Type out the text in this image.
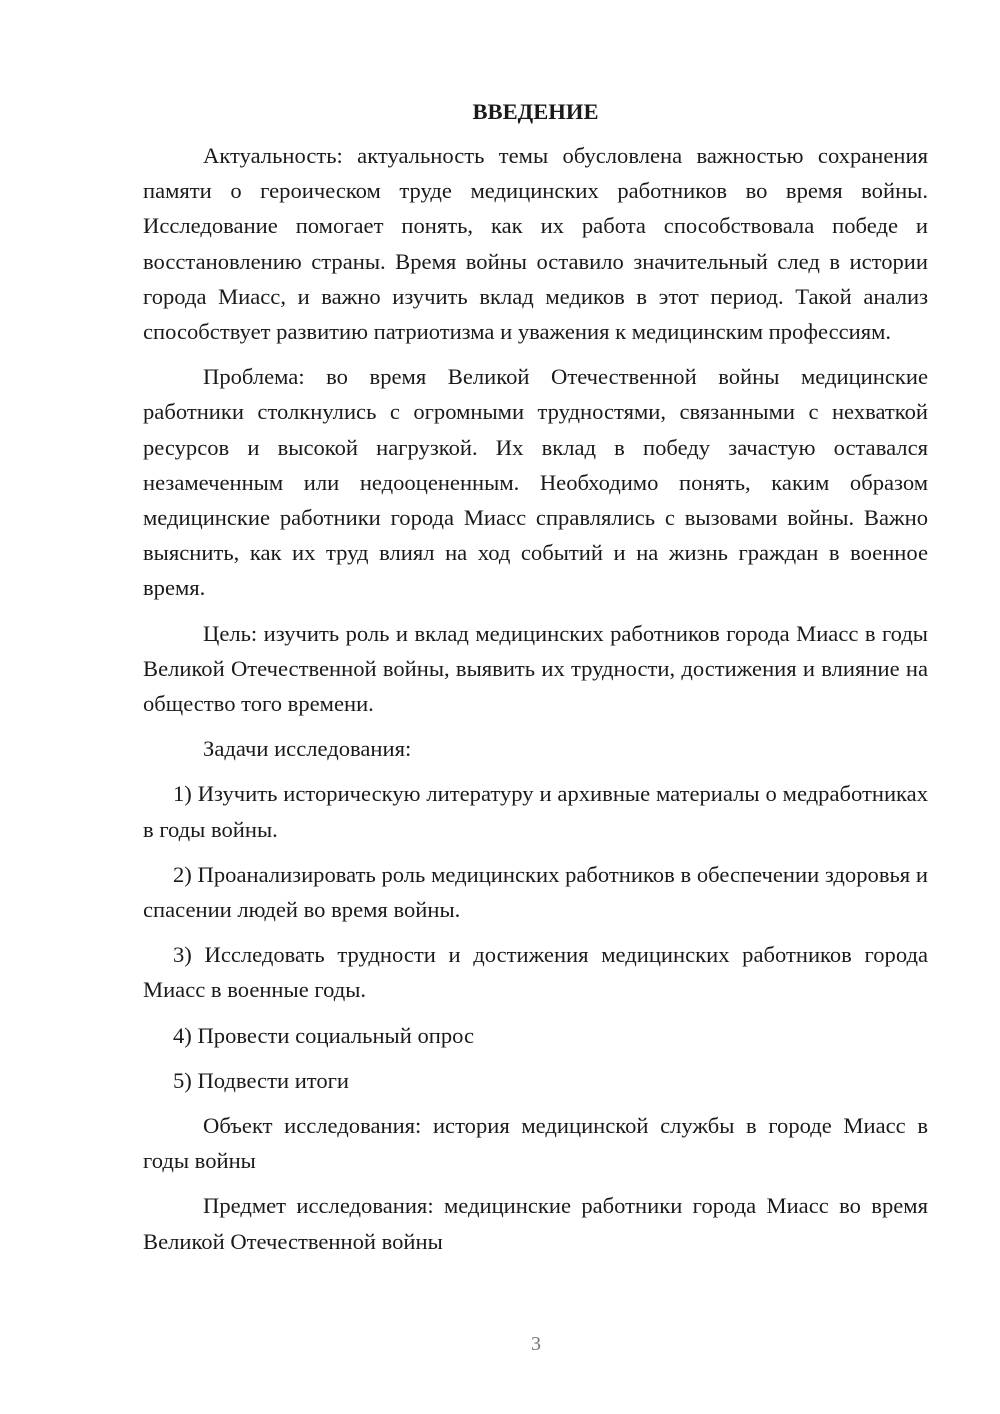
ВВЕДЕНИЕ

Актуальность: актуальность темы обусловлена важностью сохранения памяти о героическом труде медицинских работников во время войны. Исследование помогает понять, как их работа способствовала победе и восстановлению страны. Время войны оставило значительный след в истории города Миасс, и важно изучить вклад медиков в этот период. Такой анализ способствует развитию патриотизма и уважения к медицинским профессиям.

Проблема: во время Великой Отечественной войны медицинские работники столкнулись с огромными трудностями, связанными с нехваткой ресурсов и высокой нагрузкой. Их вклад в победу зачастую оставался незамеченным или недооцененным. Необходимо понять, каким образом медицинские работники города Миасс справлялись с вызовами войны. Важно выяснить, как их труд влиял на ход событий и на жизнь граждан в военное время.

Цель: изучить роль и вклад медицинских работников города Миасс в годы Великой Отечественной войны, выявить их трудности, достижения и влияние на общество того времени.

Задачи исследования:

1) Изучить историческую литературу и архивные материалы о медработниках в годы войны.

2) Проанализировать роль медицинских работников в обеспечении здоровья и спасении людей во время войны.

3) Исследовать трудности и достижения медицинских работников города Миасс в военные годы.

4) Провести социальный опрос

5) Подвести итоги

Объект исследования: история медицинской службы в городе Миасс в годы войны

Предмет исследования: медицинские работники города Миасс во время Великой Отечественной войны

3
